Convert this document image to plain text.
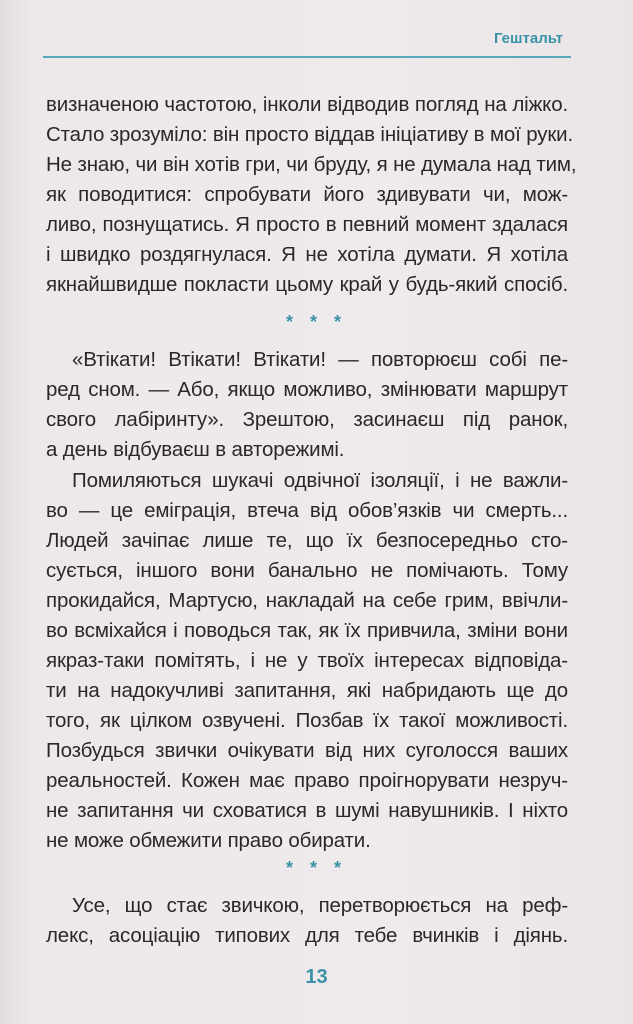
Гештальт
визначеною частотою, інколи відводив погляд на ліжко.
Стало зрозуміло: він просто віддав ініціативу в мої руки.
Не знаю, чи він хотів гри, чи бруду, я не думала над тим,
як поводитися: спробувати його здивувати чи, мож-
ливо, познущатись. Я просто в певний момент здалася
і швидко роздягнулася. Я не хотіла думати. Я хотіла
якнайшвидше покласти цьому край у будь-який спосіб.
* * *
«Втікати! Втікати! Втікати! — повторюєш собі пе-
ред сном. — Або, якщо можливо, змінювати маршрут
свого лабіринту». Зрештою, засинаєш під ранок,
а день відбуваєш в авторежимі.
Помиляються шукачі одвічної ізоляції, і не важли-
во — це еміграція, втеча від обов’язків чи смерть...
Людей зачіпає лише те, що їх безпосередньо сто-
сується, іншого вони банально не помічають. Тому
прокидайся, Мартусю, накладай на себе грим, ввічли-
во всміхайся і поводься так, як їх привчила, зміни вони
якраз-таки помітять, і не у твоїх інтересах відповіда-
ти на надокучливі запитання, які набридають ще до
того, як цілком озвучені. Позбав їх такої можливості.
Позбудься звички очікувати від них суголосся ваших
реальностей. Кожен має право проігнорувати незруч-
не запитання чи сховатися в шумі навушників. І ніхто
не може обмежити право обирати.
* * *
Усе, що стає звичкою, перетворюється на реф-
лекс, асоціацію типових для тебе вчинків і діянь.
13
